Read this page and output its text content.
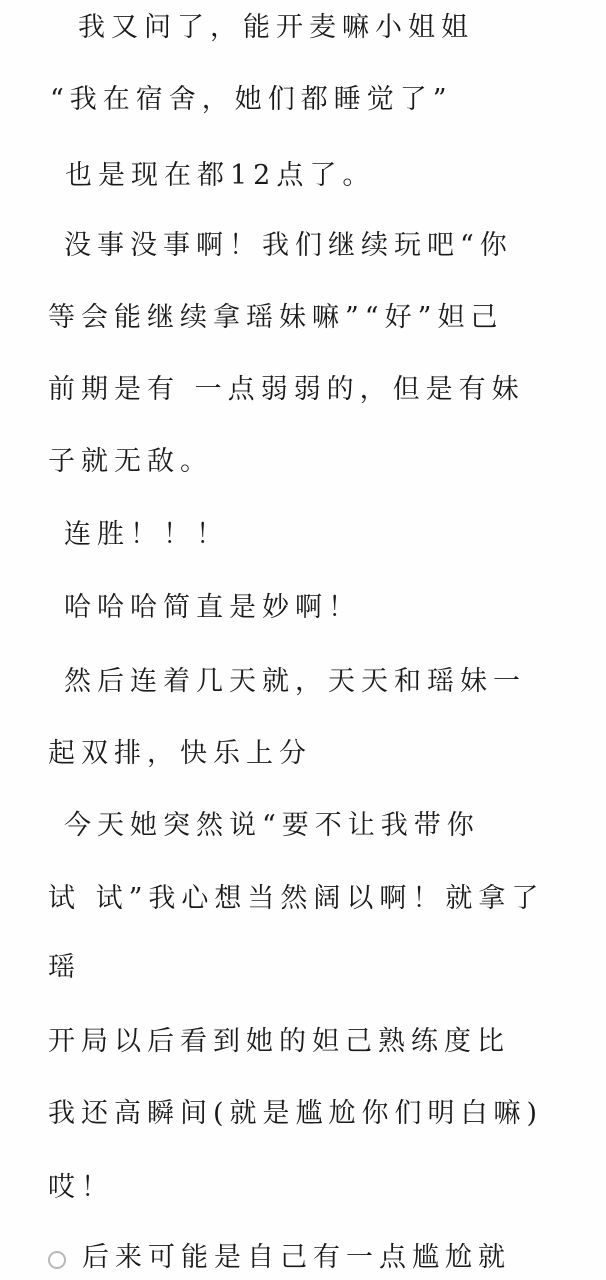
我又问了，能开麦嘛小姐姐
“我在宿舍，她们都睡觉了”
也是现在都12点了。
没事没事啊！我们继续玩吧“你
等会能继续拿瑶妹嘛”“好”妲己
前期是有 一点弱弱的，但是有妹
子就无敌。
连胜！！！
哈哈哈简直是妙啊！
然后连着几天就，天天和瑶妹一
起双排，快乐上分
今天她突然说“要不让我带你
试 试”我心想当然阔以啊！就拿了
瑶
开局以后看到她的妲己熟练度比
我还高瞬间(就是尴尬你们明白嘛)
哎！
后来可能是自己有一点尴尬就
